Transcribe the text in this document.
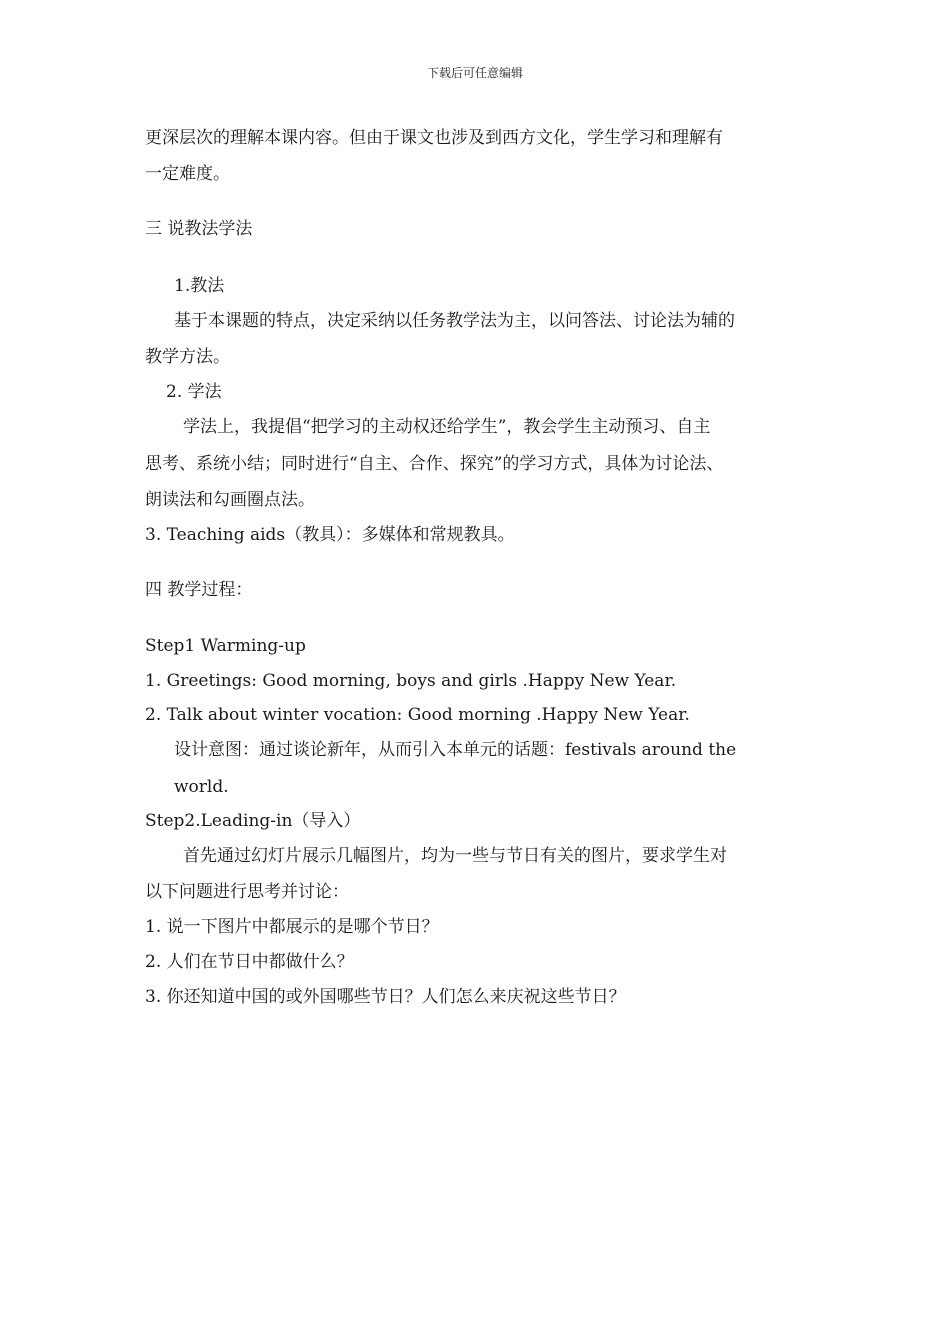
下载后可任意编辑
更深层次的理解本课内容。但由于课文也涉及到西方文化，学生学习和理解有
一定难度。
三 说教法学法
1.教法
基于本课题的特点，决定采纳以任务教学法为主，以问答法、讨论法为辅的
教学方法。
2. 学法
学法上，我提倡“把学习的主动权还给学生”，教会学生主动预习、自主
思考、系统小结；同时进行“自主、合作、探究”的学习方式，具体为讨论法、
朗读法和勾画圈点法。
3. Teaching aids（教具）：多媒体和常规教具。
四 教学过程：
Step1 Warming-up
1. Greetings: Good morning, boys and girls .Happy New Year.
2. Talk about winter vocation: Good morning .Happy New Year.
设计意图：通过谈论新年，从而引入本单元的话题：festivals around the
world.
Step2.Leading-in（导入）
首先通过幻灯片展示几幅图片，均为一些与节日有关的图片，要求学生对
以下问题进行思考并讨论：
1. 说一下图片中都展示的是哪个节日？
2. 人们在节日中都做什么？
3. 你还知道中国的或外国哪些节日？人们怎么来庆祝这些节日？
